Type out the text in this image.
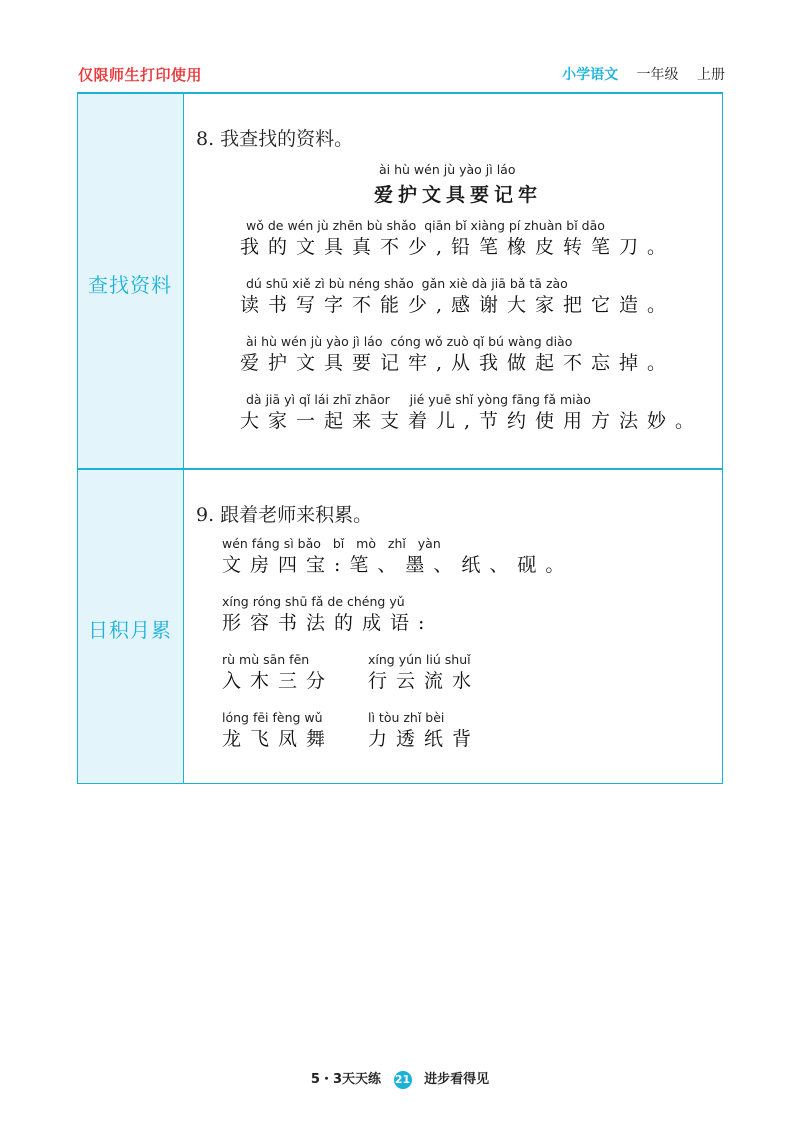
仅限师生打印使用	小学语文 一年级 上册
查找资料
日积月累
8. 我查找的资料。
ài hù wén jù yào jì láo
爱护文具要记牢
wǒ de wén jù zhēn bù shǎo  qiān bǐ xiàng pí zhuàn bǐ dāo
我的文具真不少,铅笔橡皮转笔刀。
dú shū xiě zì bù néng shǎo  gǎn xiè dà jiā bǎ tā zào
读书写字不能少,感谢大家把它造。
ài hù wén jù yào jì láo  cóng wǒ zuò qǐ bú wàng diào
爱护文具要记牢,从我做起不忘掉。
dà jiā yì qǐ lái zhī zhāor     jié yuē shǐ yòng fāng fǎ miào
大家一起来支着儿,节约使用方法妙。
9. 跟着老师来积累。
wén fáng sì bǎo   bǐ   mò   zhǐ   yàn
文房四宝:笔、墨、纸、砚。
xíng róng shū fǎ de chéng yǔ
形容书法的成语:
rù mù sān fēn
入木三分
xíng yún liú shuǐ
行云流水
lóng fēi fèng wǔ
龙飞凤舞
lì tòu zhǐ bèi
力透纸背
5・3天天练 21 进步看得见
